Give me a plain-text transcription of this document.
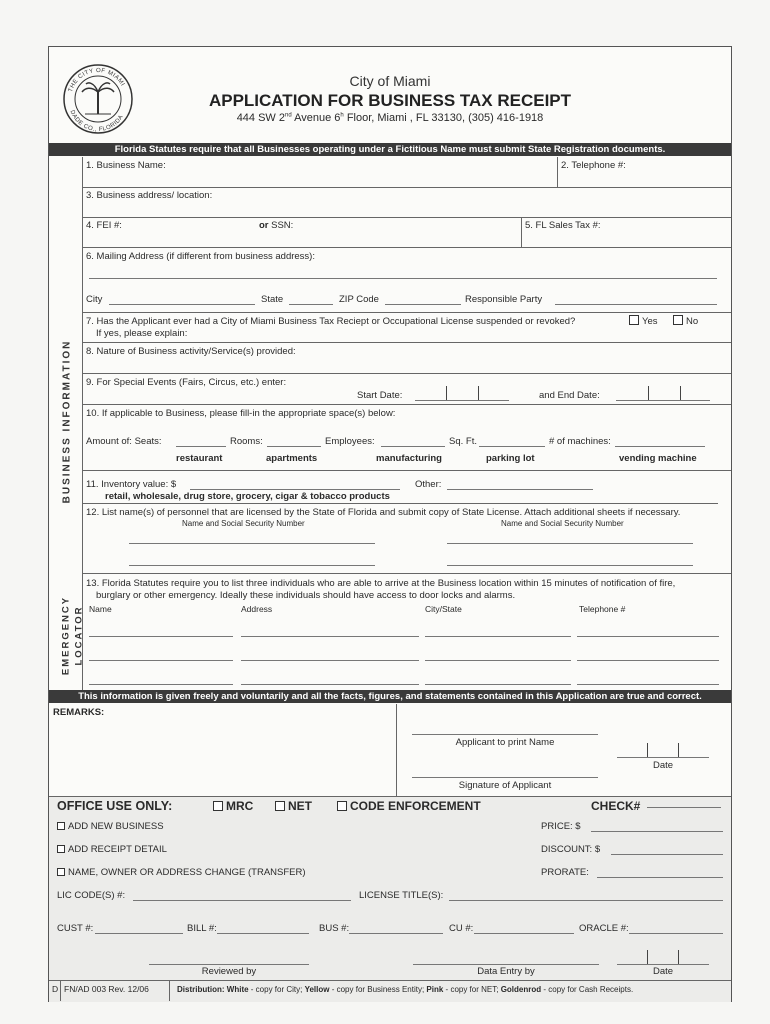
THE CITY OF MIAMI
DADE CO., FLORIDA
City of Miami
APPLICATION FOR BUSINESS TAX RECEIPT
444 SW 2nd Avenue 6$^h$ Floor, Miami , FL 33130, (305) 416-1918
Florida Statutes require that all Businesses operating under a Fictitious Name must submit State Registration documents.
BUSINESS INFORMATION
EMERGENCY LOCATOR
1. Business Name:	2. Telephone #:
3. Business address/ location:
4. FEI #:	or SSN:	5. FL Sales Tax #:
6. Mailing Address (if different from business address):
City	State	ZIP Code	Responsible Party
7. Has the Applicant ever had a City of Miami Business Tax Reciept or Occupational License suspended or revoked?
If yes, please explain:
Yes	No
8. Nature of Business activity/Service(s) provided:
9. For Special Events (Fairs, Circus, etc.) enter:
Start Date:	and End Date:
10. If applicable to Business, please fill-in the appropriate space(s) below:
Amount of: Seats:	Rooms:	Employees:	Sq. Ft.	# of machines:
restaurant	apartments	manufacturing	parking lot	vending machine
11. Inventory value: $	Other:
retail, wholesale, drug store, grocery, cigar & tobacco products
12. List name(s) of personnel that are licensed by the State of Florida and submit copy of State License. Attach additional sheets if necessary.
Name and Social Security Number	Name and Social Security Number
13. Florida Statutes require you to list three individuals who are able to arrive at the Business location within 15 minutes of notification of fire,
burglary or other emergency. Ideally these individuals should have access to door locks and alarms.
Name	Address	City/State	Telephone #
This information is given freely and voluntarily and all the facts, figures, and statements contained in this Application are true and correct.
REMARKS:
Applicant to print Name
Date
Signature of Applicant
OFFICE USE ONLY:	MRC	NET	CODE ENFORCEMENT	CHECK#
ADD NEW BUSINESS
ADD RECEIPT DETAIL
NAME, OWNER OR ADDRESS CHANGE (TRANSFER)
PRICE: $
DISCOUNT: $
PRORATE:
LIC CODE(S) #:	LICENSE TITLE(S):
CUST #:	BILL #:	BUS #:	CU #:	ORACLE #:
Reviewed by	Data Entry by	Date
D FN/AD 003 Rev. 12/06	Distribution: White - copy for City; Yellow - copy for Business Entity; Pink - copy for NET; Goldenrod - copy for Cash Receipts.
